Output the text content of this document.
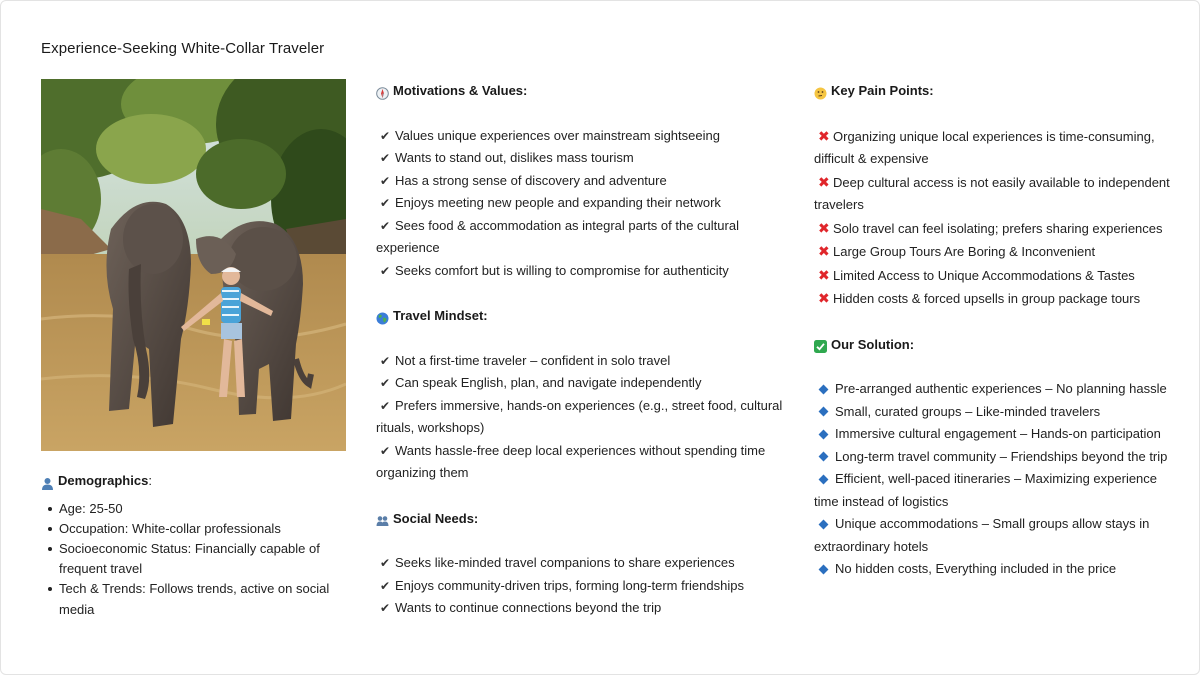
Experience-Seeking White-Collar Traveler
Demographics :
Age: 25-50
Occupation: White-collar professionals
Socioeconomic Status: Financially capable of frequent travel
Tech & Trends: Follows trends, active on social media
Motivations & Values:
✔ Values unique experiences over mainstream sightseeing
✔ Wants to stand out, dislikes mass tourism
✔ Has a strong sense of discovery and adventure
✔ Enjoys meeting new people and expanding their network
✔ Sees food & accommodation as integral parts of the cultural experience
✔ Seeks comfort but is willing to compromise for authenticity
Travel Mindset:
✔ Not a first-time traveler – confident in solo travel
✔ Can speak English, plan, and navigate independently
✔ Prefers immersive, hands-on experiences (e.g., street food, cultural rituals, workshops)
✔ Wants hassle-free deep local experiences without spending time organizing them
Social Needs:
✔ Seeks like-minded travel companions to share experiences
✔ Enjoys community-driven trips, forming long-term friendships
✔ Wants to continue connections beyond the trip
Key Pain Points:
✖ Organizing unique local experiences is time-consuming, difficult & expensive
✖ Deep cultural access is not easily available to independent travelers
✖ Solo travel can feel isolating; prefers sharing experiences
✖ Large Group Tours Are Boring & Inconvenient
✖ Limited Access to Unique Accommodations & Tastes
✖ Hidden costs & forced upsells in group package tours
Our Solution:
Pre-arranged authentic experiences – No planning hassle
Small, curated groups – Like-minded travelers
Immersive cultural engagement – Hands-on participation
Long-term travel community – Friendships beyond the trip
Efficient, well-paced itineraries – Maximizing experience time instead of logistics
Unique accommodations – Small groups allow stays in extraordinary hotels
No hidden costs, Everything included in the price
